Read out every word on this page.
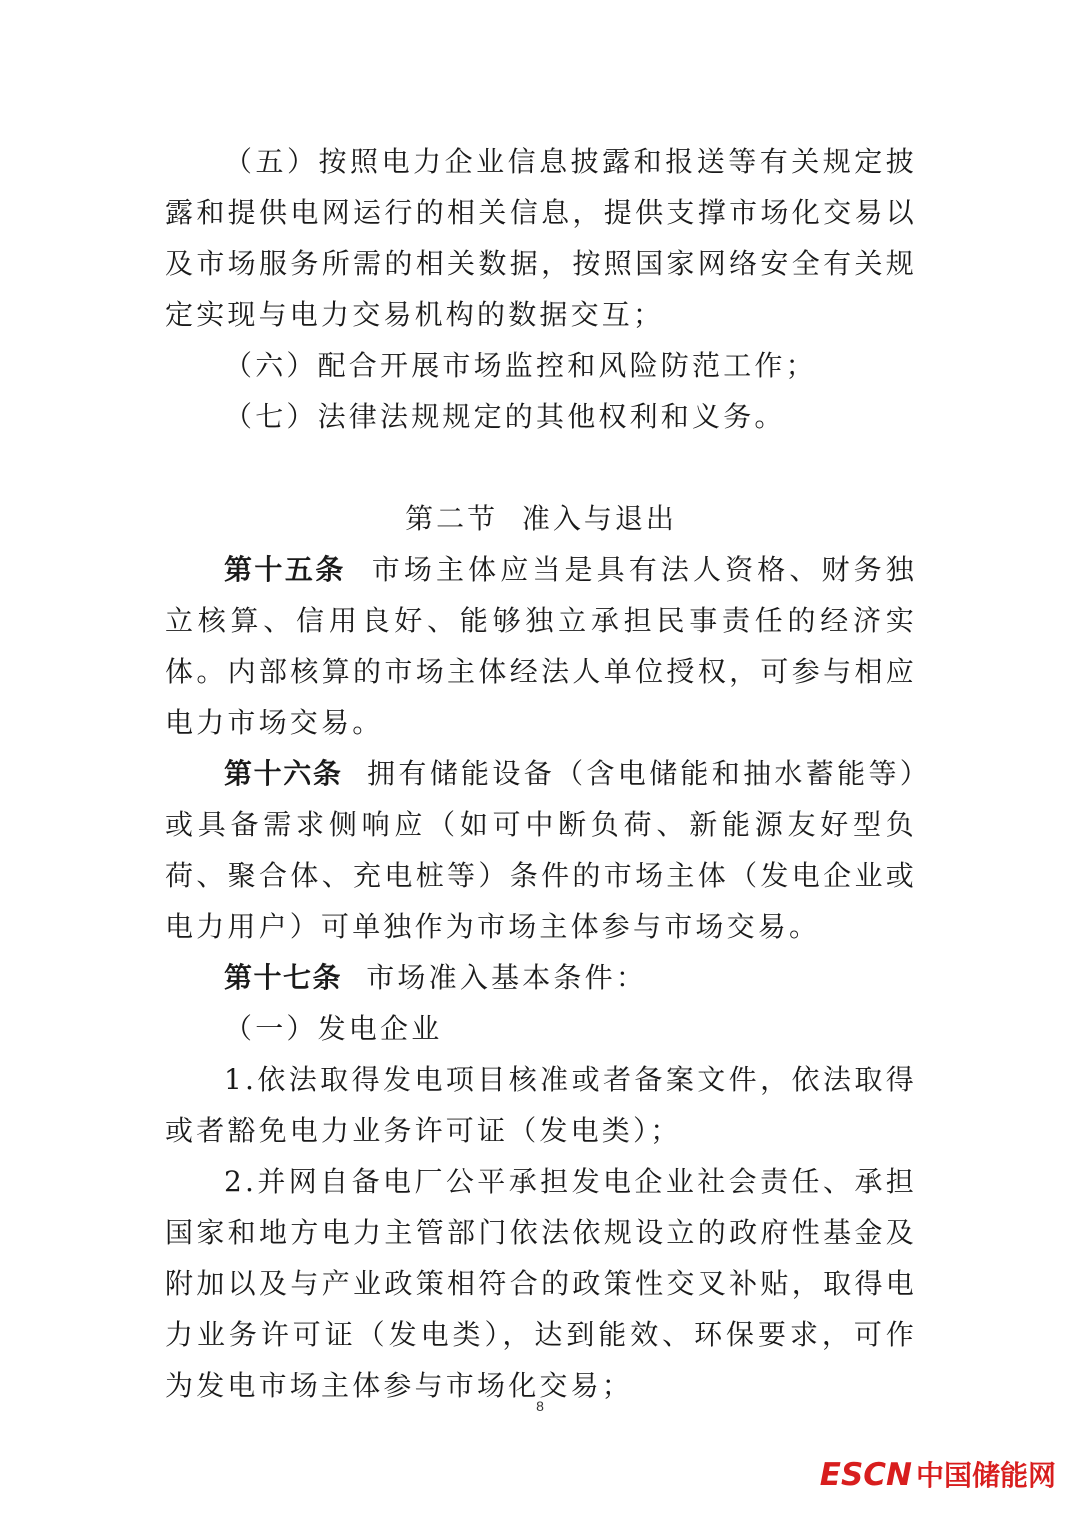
（五）按照电力企业信息披露和报送等有关规定披露和提供电网运行的相关信息，提供支撑市场化交易以及市场服务所需的相关数据，按照国家网络安全有关规定实现与电力交易机构的数据交互；

（六）配合开展市场监控和风险防范工作；

（七）法律法规规定的其他权利和义务。

第二节  准入与退出

第十五条  市场主体应当是具有法人资格、财务独立核算、信用良好、能够独立承担民事责任的经济实体。内部核算的市场主体经法人单位授权，可参与相应电力市场交易。

第十六条  拥有储能设备（含电储能和抽水蓄能等）或具备需求侧响应（如可中断负荷、新能源友好型负荷、聚合体、充电桩等）条件的市场主体（发电企业或电力用户）可单独作为市场主体参与市场交易。

第十七条  市场准入基本条件：

（一）发电企业

1.依法取得发电项目核准或者备案文件，依法取得或者豁免电力业务许可证（发电类）；

2.并网自备电厂公平承担发电企业社会责任、承担国家和地方电力主管部门依法依规设立的政府性基金及附加以及与产业政策相符合的政策性交叉补贴，取得电力业务许可证（发电类），达到能效、环保要求，可作为发电市场主体参与市场化交易；

8
ESCN 中国储能网
